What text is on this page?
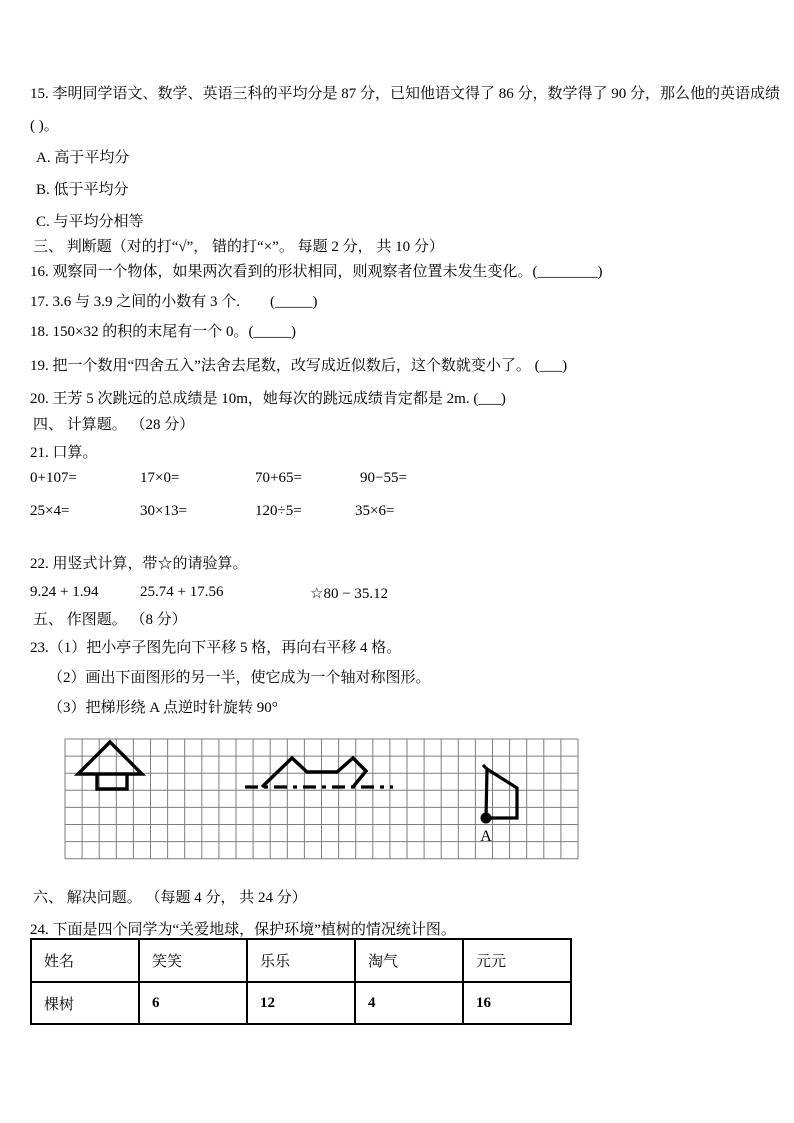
15. 李明同学语文、数学、英语三科的平均分是 87 分，已知他语文得了 86 分，数学得了 90 分，那么他的英语成绩
( )。
A. 高于平均分
B. 低于平均分
C. 与平均分相等
三、 判断题（对的打“√”， 错的打“×”。 每题 2 分， 共 10 分）
16. 观察同一个物体，如果两次看到的形状相同，则观察者位置未发生变化。(________)
17. 3.6 与 3.9 之间的小数有 3 个.　　(_____)
18. 150×32 的积的末尾有一个 0。(_____)
19. 把一个数用“四舍五入”法舍去尾数，改写成近似数后，这个数就变小了。 (___)
20. 王芳 5 次跳远的总成绩是 10m，她每次的跳远成绩肯定都是 2m. (___)
四、 计算题。 （28 分）
21. 口算。
0+107=	17×0=	70+65=	90−55=
25×4=	30×13=	120÷5=	35×6=
22. 用竖式计算，带☆的请验算。
9.24 + 1.94	25.74 + 17.56	☆80 − 35.12
五、 作图题。 （8 分）
23.（1）把小亭子图先向下平移 5 格，再向右平移 4 格。
（2）画出下面图形的另一半，使它成为一个轴对称图形。
（3）把梯形绕 A 点逆时针旋转 90°
A
六、 解决问题。 （每题 4 分， 共 24 分）
24. 下面是四个同学为“关爱地球，保护环境”植树的情况统计图。
姓名	笑笑	乐乐	淘气	元元
棵树	6	12	4	16
